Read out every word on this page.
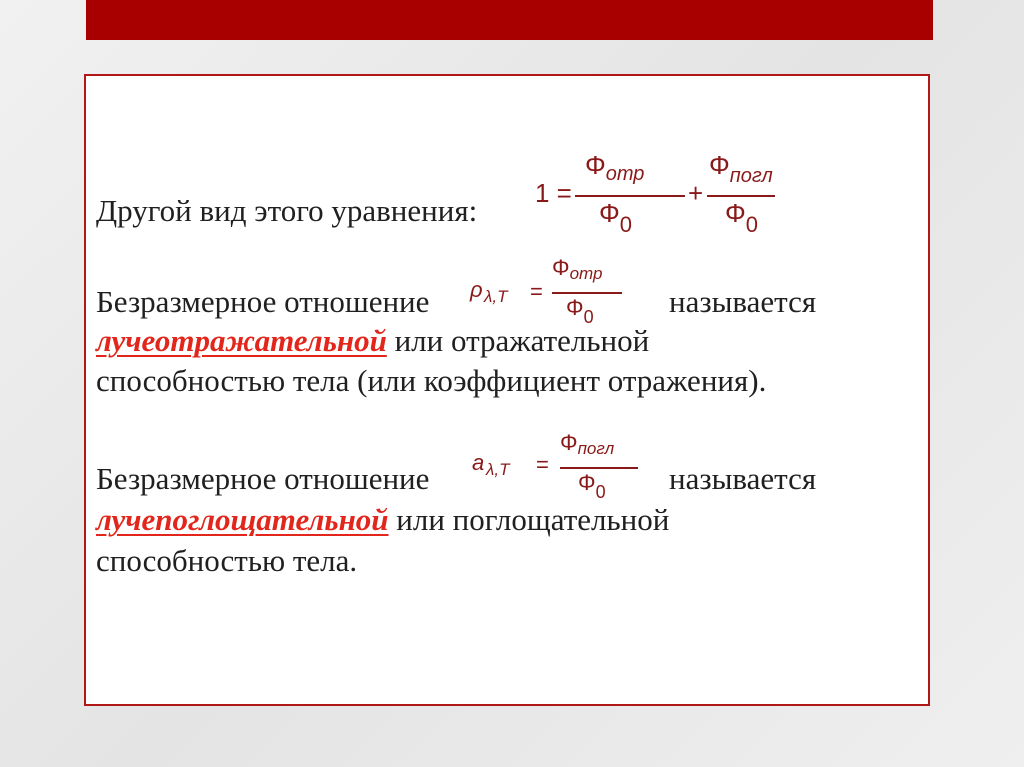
Другой вид этого уравнения: 1 =
Φотр
Φ0
+
Φпогл
Φ0
Безразмерное отношение ρ λ,T =
Φотр
Φ0 называется
лучеотражательной или отражательной
способностью тела (или коэффициент отражения).
Безразмерное отношение a λ,T =
Φпогл
Φ0 называется
лучепоглощательной или поглощательной
способностью тела.
